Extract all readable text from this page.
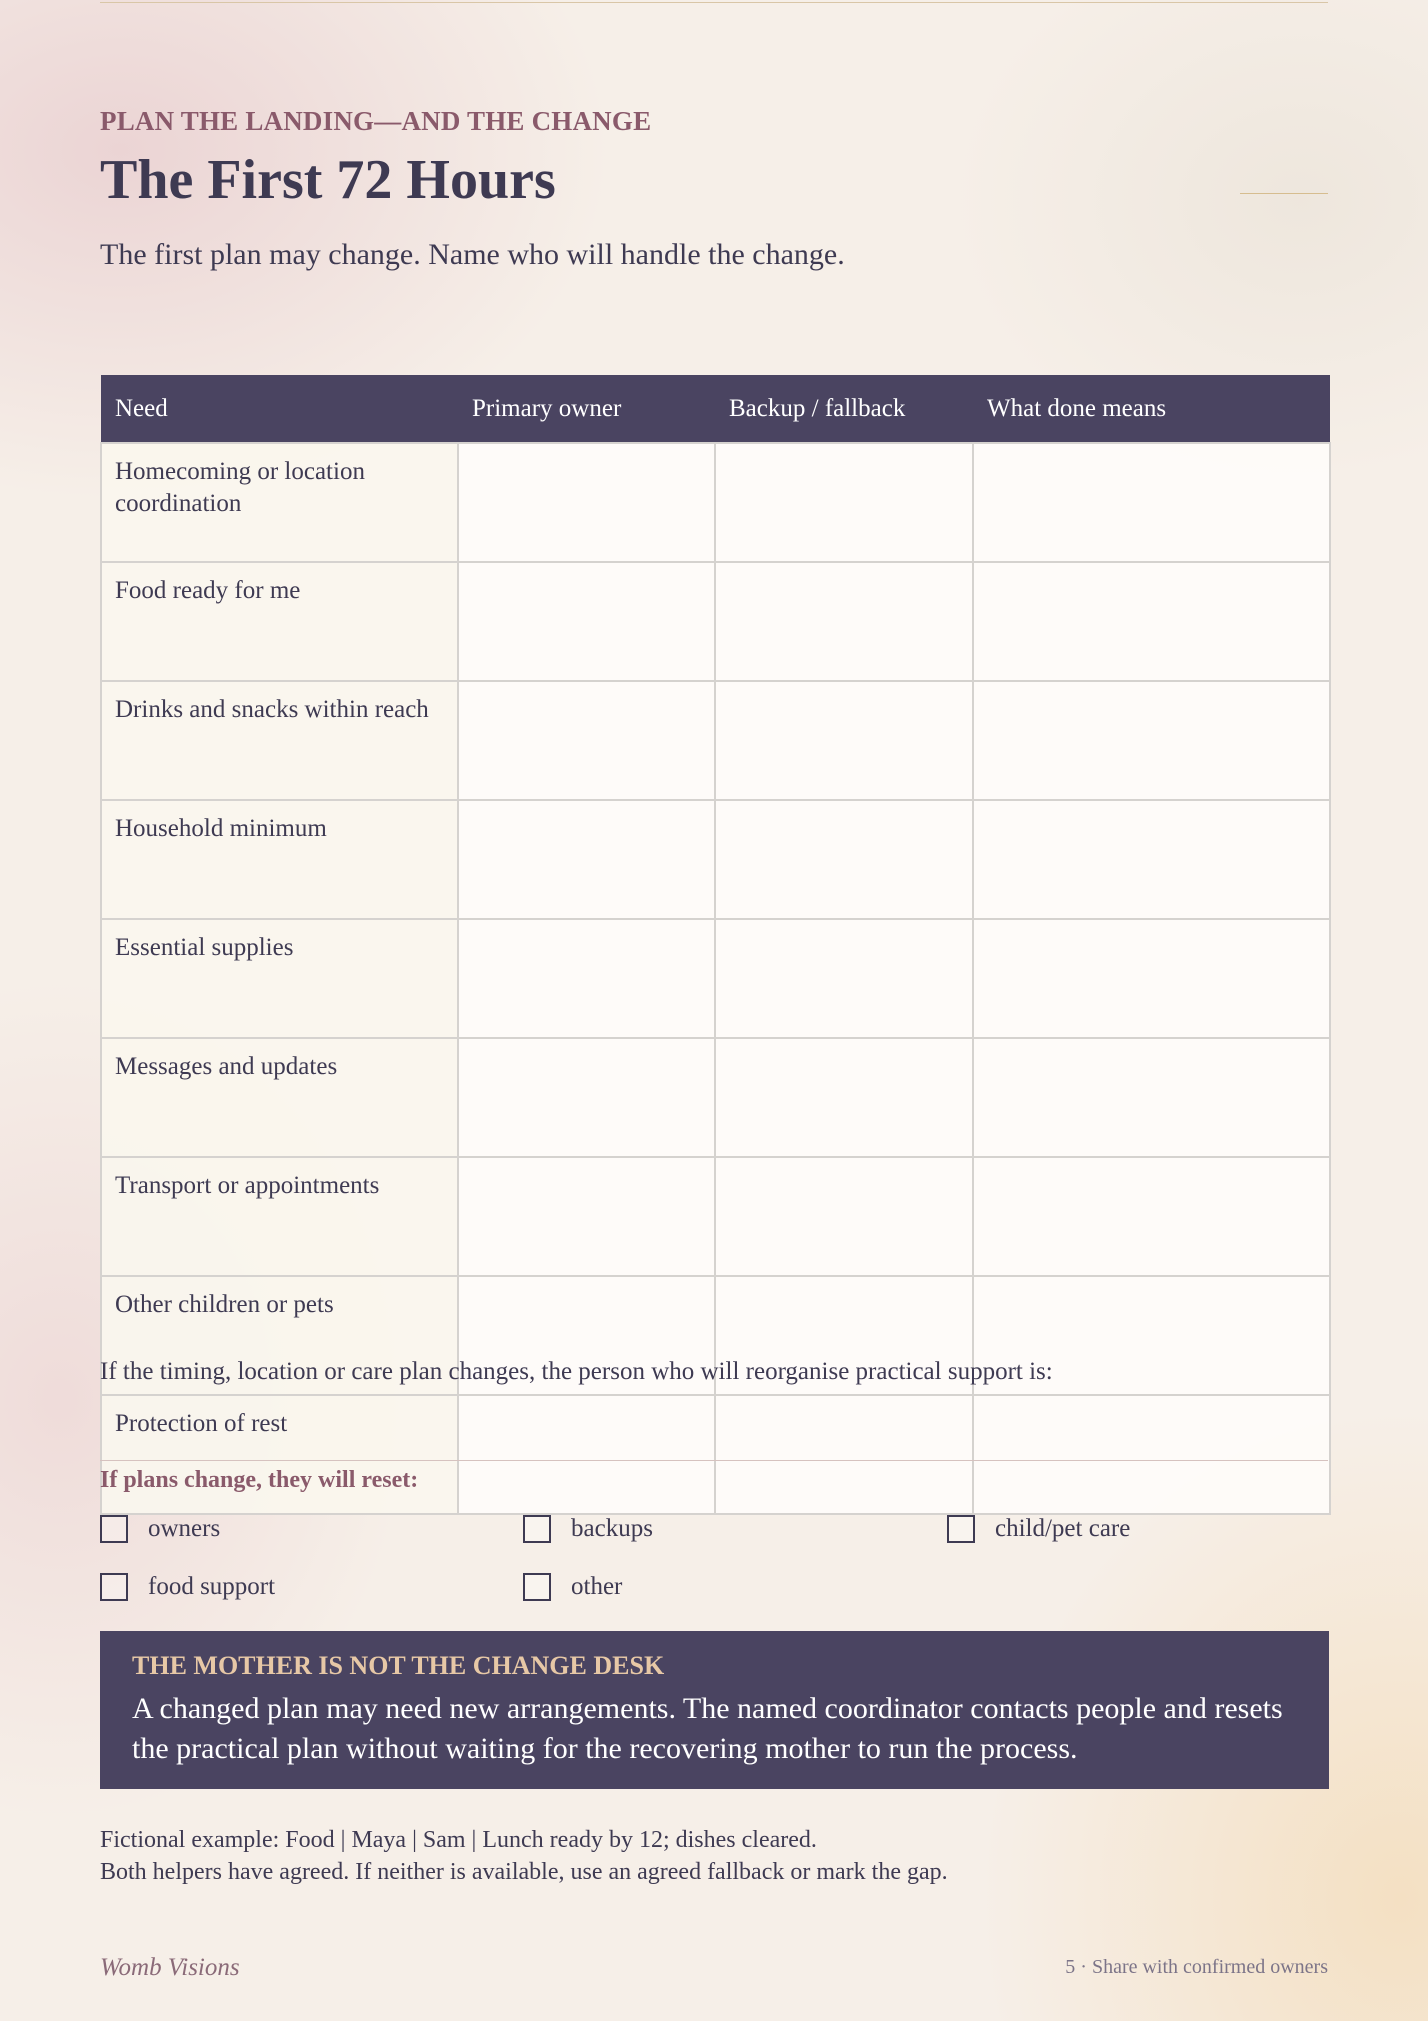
PLAN THE LANDING—AND THE CHANGE
The First 72 Hours
The first plan may change. Name who will handle the change.
Need	Primary owner	Backup / fallback	What done means
Homecoming or location coordination			
Food ready for me			
Drinks and snacks within reach			
Household minimum			
Essential supplies			
Messages and updates			
Transport or appointments			
Other children or pets			
Protection of rest			
If the timing, location or care plan changes, the person who will reorganise practical support is:
If plans change, they will reset:
owners	backups	child/pet care
food support	other
THE MOTHER IS NOT THE CHANGE DESK
A changed plan may need new arrangements. The named coordinator contacts people and resets the practical plan without waiting for the recovering mother to run the process.
Fictional example: Food | Maya | Sam | Lunch ready by 12; dishes cleared.
Both helpers have agreed. If neither is available, use an agreed fallback or mark the gap.
Womb Visions	5 · Share with confirmed owners
